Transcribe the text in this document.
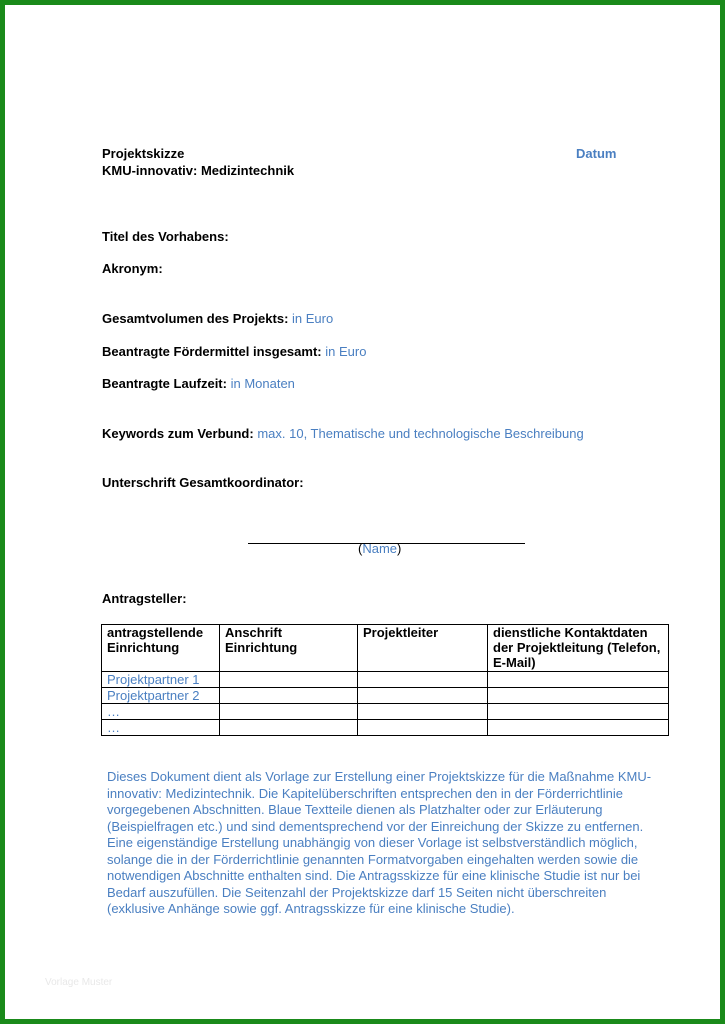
Projektskizze
KMU-innovativ: Medizintechnik
Datum
Titel des Vorhabens:
Akronym:
Gesamtvolumen des Projekts: in Euro
Beantragte Fördermittel insgesamt: in Euro
Beantragte Laufzeit: in Monaten
Keywords zum Verbund: max. 10, Thematische und technologische Beschreibung
Unterschrift Gesamtkoordinator:
(Name)
Antragsteller:
antragstellende Einrichtung	Anschrift Einrichtung	Projektleiter	dienstliche Kontaktdaten der Projektleitung (Telefon, E-Mail)
Projektpartner 1			
Projektpartner 2			
…			
…			
Dieses Dokument dient als Vorlage zur Erstellung einer Projektskizze für die Maßnahme KMU-innovativ: Medizintechnik. Die Kapitelüberschriften entsprechen den in der Förderrichtlinie vorgegebenen Abschnitten. Blaue Textteile dienen als Platzhalter oder zur Erläuterung (Beispielfragen etc.) und sind dementsprechend vor der Einreichung der Skizze zu entfernen. Eine eigenständige Erstellung unabhängig von dieser Vorlage ist selbstverständlich möglich, solange die in der Förderrichtlinie genannten Formatvorgaben eingehalten werden sowie die notwendigen Abschnitte enthalten sind. Die Antragsskizze für eine klinische Studie ist nur bei Bedarf auszufüllen. Die Seitenzahl der Projektskizze darf 15 Seiten nicht überschreiten (exklusive Anhänge sowie ggf. Antragsskizze für eine klinische Studie).
Vorlage Muster
